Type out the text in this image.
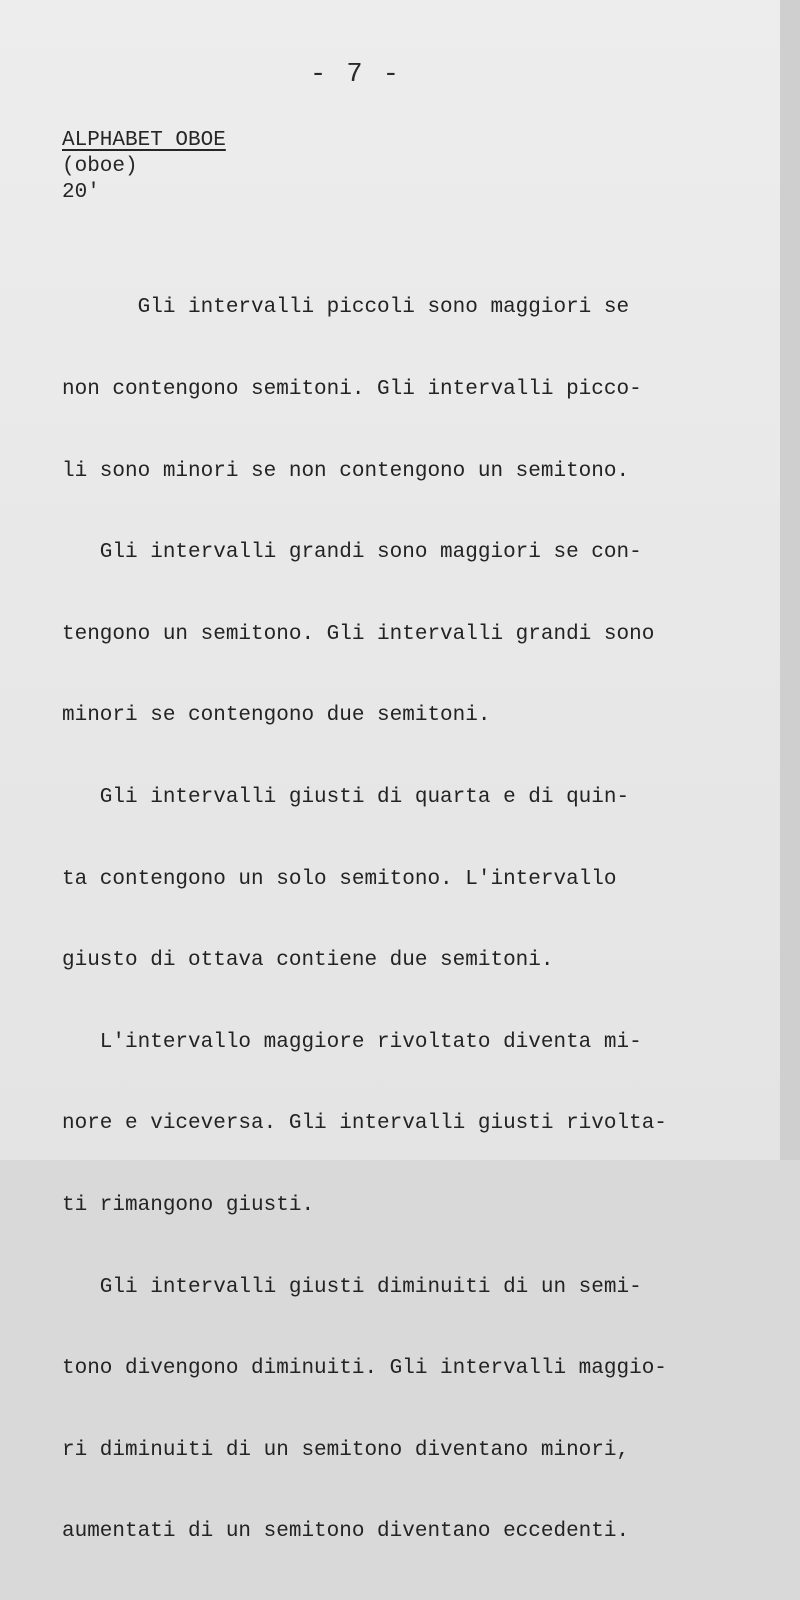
- 7 -
ALPHABET OBOE
(oboe)
20'

Gli intervalli piccoli sono maggiori se

non contengono semitoni. Gli intervalli picco-

li sono minori se non contengono un semitono.

Gli intervalli grandi sono maggiori se con-

tengono un semitono. Gli intervalli grandi sono

minori se contengono due semitoni.

Gli intervalli giusti di quarta e di quin-

ta contengono un solo semitono. L'intervallo

giusto di ottava contiene due semitoni.

L'intervallo maggiore rivoltato diventa mi-

nore e viceversa. Gli intervalli giusti rivolta-

ti rimangono giusti.

Gli intervalli giusti diminuiti di un semi-

tono divengono diminuiti. Gli intervalli maggio-

ri diminuiti di un semitono diventano minori,

aumentati di un semitono diventano eccedenti.
